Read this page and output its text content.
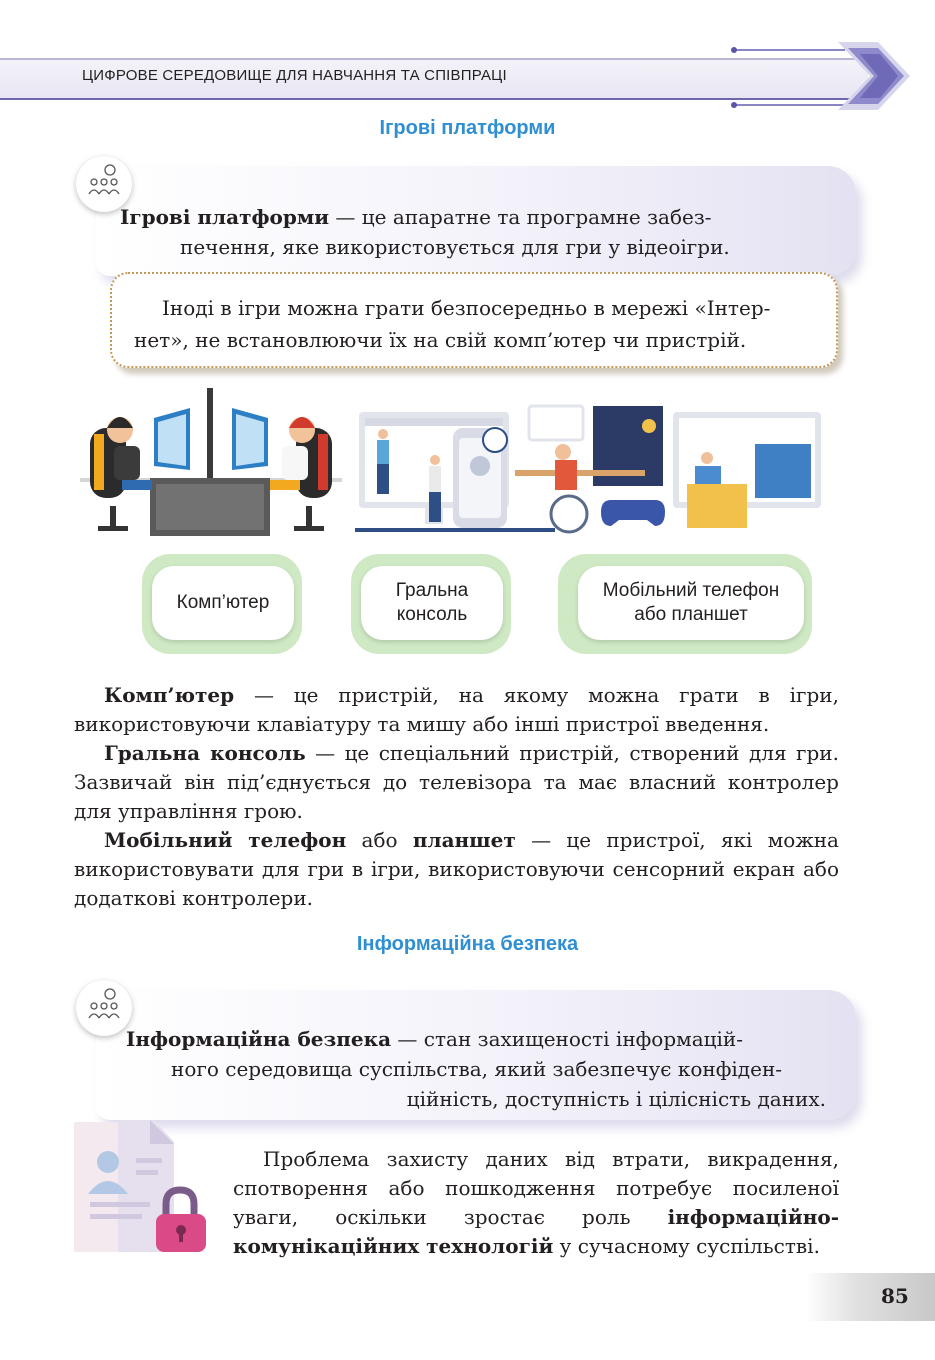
ЦИФРОВЕ СЕРЕДОВИЩЕ ДЛЯ НАВЧАННЯ ТА СПІВПРАЦІ
Ігрові платформи
Ігрові платформи — це апаратне та програмне забез-
печення, яке використовується для гри у відеоігри.
Іноді в ігри можна грати безпосередньо в мережі «Інтер-
нет», не встановлюючи їх на свій комп’ютер чи пристрій.
Комп’ютер
Гральна
консоль
Мобільний телефон
або планшет

Комп’ютер — це пристрій, на якому можна грати в ігри, використовуючи клавіатуру та мишу або інші пристрої введення.

Гральна консоль — це спеціальний пристрій, створений для гри. Зазвичай він під’єднується до телевізора та має власний контролер для управління грою.

Мобільний телефон або планшет — це пристрої, які можна використовувати для гри в ігри, використовуючи сенсорний екран або додаткові контролери.

Інформаційна безпека
Інформаційна безпека — стан захищеності інформацій-
ного середовища суспільства, який забезпечує конфіден-
ційність, доступність і цілісність даних.

Проблема захисту даних від втрати, викрадення, спотворення або пошкодження потребує посиленої уваги, оскільки зростає роль інформаційно-комунікаційних технологій у сучасному суспільстві.

85
